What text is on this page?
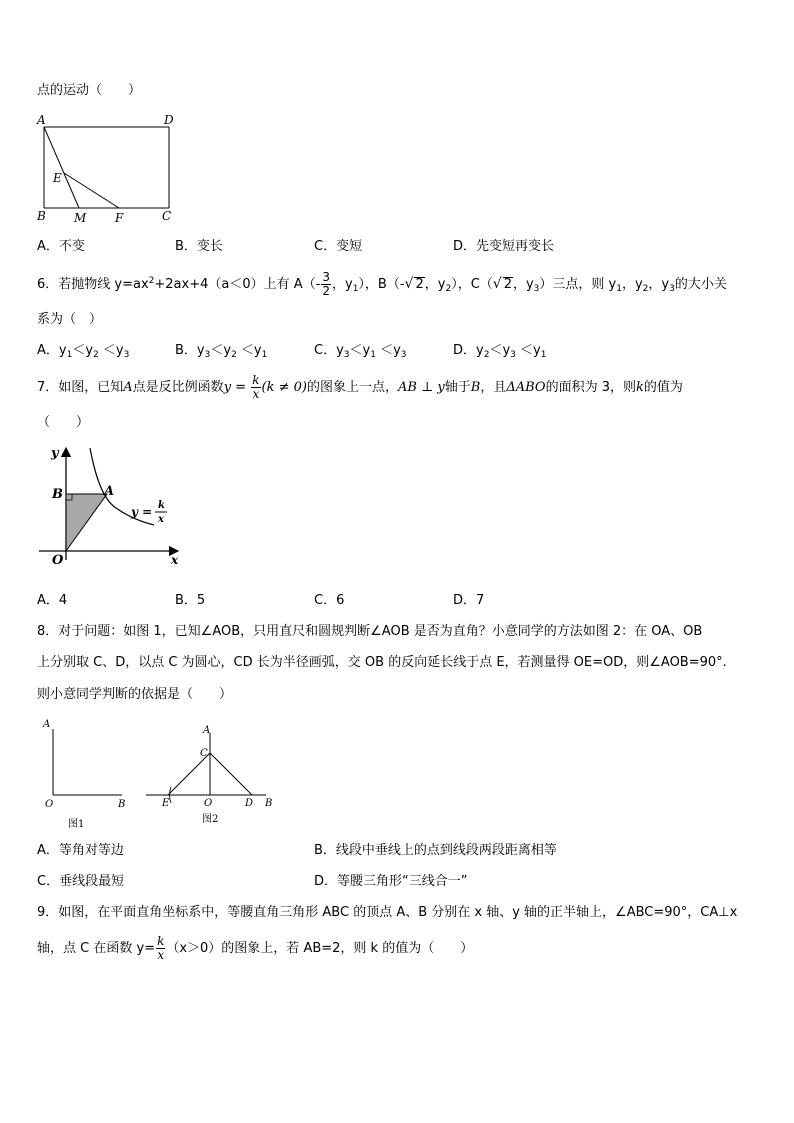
点的运动（　　）
A	D
E
B M F	C
A．不变	B．变长	C．变短	D．先变短再变长
6．若抛物线 $y=ax^2+2ax+4(a<0)$上有 $A(- \frac{3}{2}$ ，$y_1$），B（-√ 2，$y_2$），C（√ 2，$y_3$）三点，则 $y_1$，$y_2$，$y_3$的大小关
系为（　）
A．$y_1<y_2 <y_3$	B．$y_3<y_2 <y_1$	C．$y_3<y_1 <y_3$	D．$y_2<y_3 <y_1$
7．如图，已知A点是反比例函数$y = \frac{k}{x} (k \ne 0)$的图象上一点，AB ⊥ y轴于B，且ΔABO的面积为 3，则k的值为
（　　）
y
B	A
O	x
y = k
x
A．4	B．5	C．6	D．7
8．对于问题：如图 1，已知∠AOB，只用直尺和圆规判断∠AOB 是否为直角？小意同学的方法如图 2：在 OA、OB
上分别取 C、D，以点 C 为圆心，CD 长为半径画弧，交 OB 的反向延长线于点 E，若测量得 OE=OD，则∠AOB=90°.
则小意同学判断的依据是（　　）
A
O	B
图1
A
C
E	O	D B
图2
A．等角对等边	B．线段中垂线上的点到线段两段距离相等
C．垂线段最短	D．等腰三角形“三线合一”
9．如图，在平面直角坐标系中，等腰直角三角形 ABC 的顶点 A、B 分别在 x 轴、y 轴的正半轴上，∠ABC=90°，CA⊥x
轴，点 C 在函数 $y= \frac{k}{x} (x>0)$的图象上，若 AB=2，则 k 的值为（　　）
